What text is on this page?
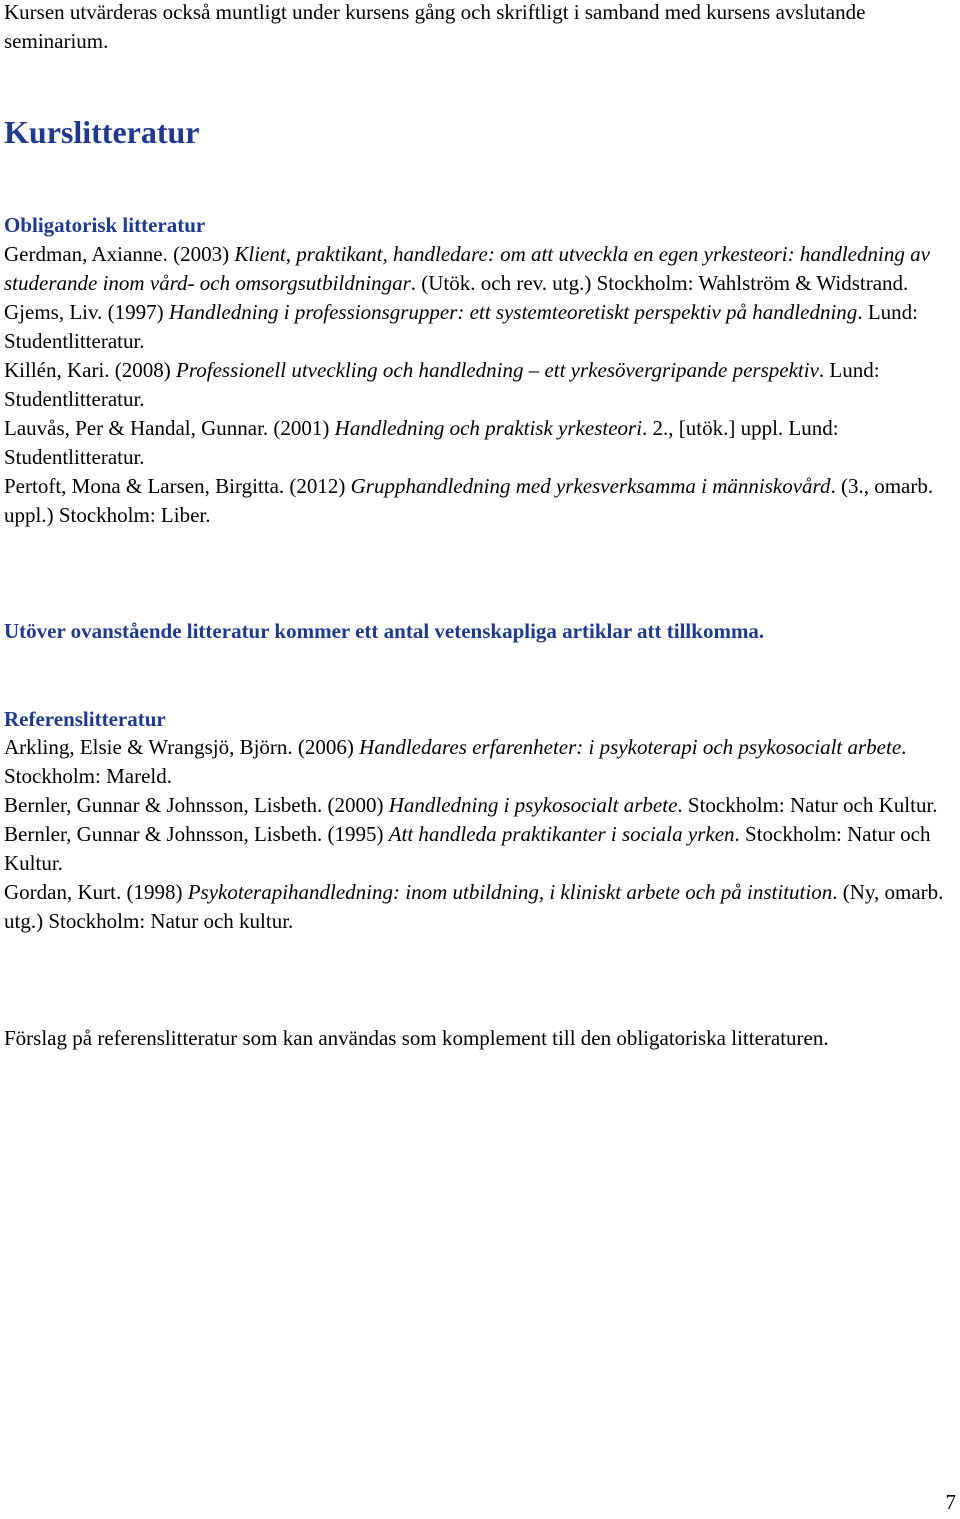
Kursen utvärderas också muntligt under kursens gång och skriftligt i samband med kursens avslutande seminarium.

Kurslitteratur
Obligatorisk litteratur

Gerdman, Axianne. (2003) Klient, praktikant, handledare: om att utveckla en egen yrkesteori: handledning av studerande inom vård- och omsorgsutbildningar. (Utök. och rev. utg.) Stockholm: Wahlström & Widstrand.

Gjems, Liv. (1997) Handledning i professionsgrupper: ett systemteoretiskt perspektiv på handledning. Lund: Studentlitteratur.

Killén, Kari. (2008) Professionell utveckling och handledning – ett yrkesövergripande perspektiv. Lund: Studentlitteratur.

Lauvås, Per & Handal, Gunnar. (2001) Handledning och praktisk yrkesteori. 2., [utök.] uppl. Lund: Studentlitteratur.

Pertoft, Mona & Larsen, Birgitta. (2012) Grupphandledning med yrkesverksamma i människovård. (3., omarb. uppl.) Stockholm: Liber.

Utöver ovanstående litteratur kommer ett antal vetenskapliga artiklar att tillkomma.
Referenslitteratur

Arkling, Elsie & Wrangsjö, Björn. (2006) Handledares erfarenheter: i psykoterapi och psykosocialt arbete. Stockholm: Mareld.

Bernler, Gunnar & Johnsson, Lisbeth. (2000) Handledning i psykosocialt arbete. Stockholm: Natur och Kultur.

Bernler, Gunnar & Johnsson, Lisbeth. (1995) Att handleda praktikanter i sociala yrken. Stockholm: Natur och Kultur.

Gordan, Kurt. (1998) Psykoterapihandledning: inom utbildning, i kliniskt arbete och på institution. (Ny, omarb. utg.) Stockholm: Natur och kultur.

Förslag på referenslitteratur som kan användas som komplement till den obligatoriska litteraturen.

7
